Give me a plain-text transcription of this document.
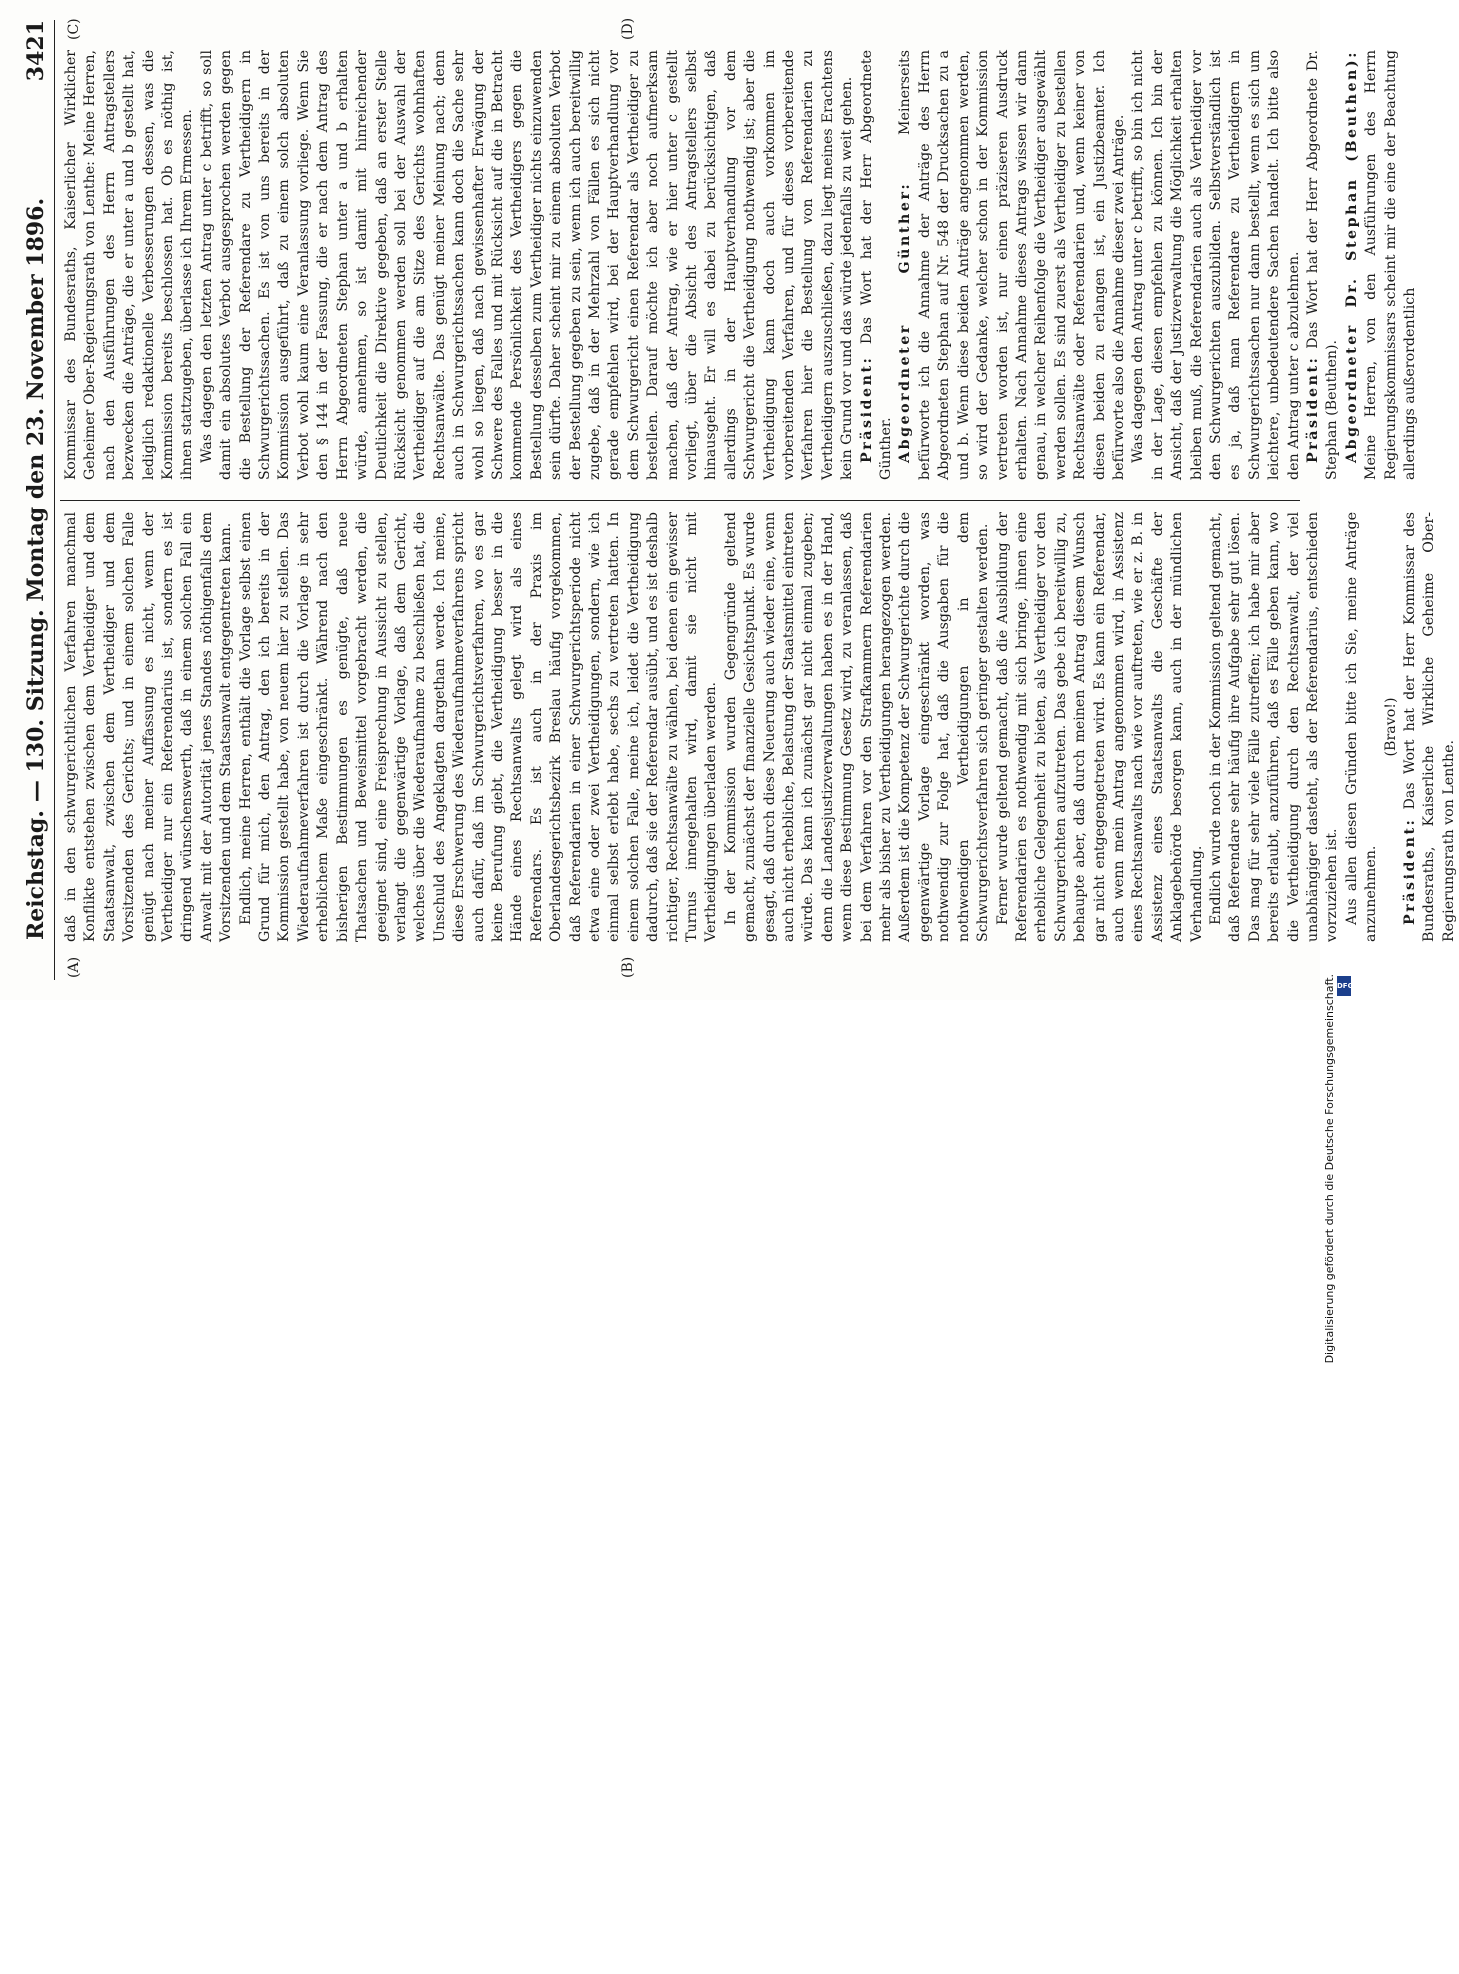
Reichstag.
— 130. Sitzung. Montag den 23. November 1896.
3421
(A)	(B)
(C)	(D)

daß in den schwurgerichtlichen Verfahren manchmal Konflikte entstehen zwischen dem Vertheidiger und dem Staatsanwalt, zwischen dem Vertheidiger und dem Vorsitzenden des Gerichts; und in einem solchen Falle genügt nach meiner Auffassung es nicht, wenn der Vertheidiger nur ein Referendarius ist, sondern es ist dringend wünschenswerth, daß in einem solchen Fall ein Anwalt mit der Autorität jenes Standes nöthigenfalls dem Vorsitzenden und dem Staatsanwalt entgegentreten kann. Endlich, meine Herren, enthält die Vorlage selbst einen Grund für mich, den Antrag, den ich bereits in der Kommission gestellt habe, von neuem hier zu stellen. Das Wiederaufnahmeverfahren ist durch die Vorlage in sehr erheblichem Maße eingeschränkt. Während nach den bisherigen Bestimmungen es genügte, daß neue Thatsachen und Beweismittel vorgebracht werden, die geeignet sind, eine Freisprechung in Aussicht zu stellen, verlangt die gegenwärtige Vorlage, daß dem Gericht, welches über die Wiederaufnahme zu beschließen hat, die Unschuld des Angeklagten dargethan werde. Ich meine, diese Erschwerung des Wiederaufnahmeverfahrens spricht auch dafür, daß im Schwurgerichtsverfahren, wo es gar keine Berufung giebt, die Vertheidigung besser in die Hände eines Rechtsanwalts gelegt wird als eines Referendars. Es ist auch in der Praxis im Oberlandesgerichtsbezirk Breslau häufig vorgekommen, daß Referendarien in einer Schwurgerichtsperiode nicht etwa eine oder zwei Vertheidigungen, sondern, wie ich einmal selbst erlebt habe, sechs zu vertreten hatten. In einem solchen Falle, meine ich, leidet die Vertheidigung dadurch, daß sie der Referendar ausübt, und es ist deshalb richtiger, Rechtsanwälte zu wählen, bei denen ein gewisser Turnus innegehalten wird, damit sie nicht mit Vertheidigungen überladen werden. In der Kommission wurden Gegengründe geltend gemacht, zunächst der finanzielle Gesichtspunkt. Es wurde gesagt, daß durch diese Neuerung auch wieder eine, wenn auch nicht erhebliche, Belastung der Staatsmittel eintreten würde. Das kann ich zunächst gar nicht einmal zugeben; denn die Landesjustizverwaltungen haben es in der Hand, wenn diese Bestimmung Gesetz wird, zu veranlassen, daß bei dem Verfahren vor den Strafkammern Referendarien mehr als bisher zu Vertheidigungen herangezogen werden. Außerdem ist die Kompetenz der Schwurgerichte durch die gegenwärtige Vorlage eingeschränkt worden, was nothwendig zur Folge hat, daß die Ausgaben für die nothwendigen Vertheidigungen in dem Schwurgerichtsverfahren sich geringer gestalten werden. Ferner wurde geltend gemacht, daß die Ausbildung der Referendarien es nothwendig mit sich bringe, ihnen eine erhebliche Gelegenheit zu bieten, als Vertheidiger vor den Schwurgerichten aufzutreten. Das gebe ich bereitwillig zu, behaupte aber, daß durch meinen Antrag diesem Wunsch gar nicht entgegengetreten wird. Es kann ein Referendar, auch wenn mein Antrag angenommen wird, in Assistenz eines Rechtsanwalts nach wie vor auftreten, wie er z. B. in Assistenz eines Staatsanwalts die Geschäfte der Anklagebehörde besorgen kann, auch in der mündlichen Verhandlung. Endlich wurde noch in der Kommission geltend gemacht, daß Referendare sehr häufig ihre Aufgabe sehr gut lösen. Das mag für sehr viele Fälle zutreffen; ich habe mir aber bereits erlaubt, anzuführen, daß es Fälle geben kann, wo die Vertheidigung durch den Rechtsanwalt, der viel unabhängiger dasteht, als der Referendarius, entschieden vorzuziehen ist. Aus allen diesen Gründen bitte ich Sie, meine Anträge anzunehmen.

(Bravo!)

Präsident: Das Wort hat der Herr Kommissar des Bundesraths, Kaiserliche Wirkliche Geheime Ober-Regierungsrath von Lenthe.

Kommissar des Bundesraths, Kaiserlicher Wirklicher Geheimer Ober-Regierungsrath von Lenthe: Meine Herren, nach den Ausführungen des Herrn Antragstellers bezwecken die Anträge, die er unter a und b gestellt hat, lediglich redaktionelle Verbesserungen dessen, was die Kommission bereits beschlossen hat. Ob es nöthig ist, ihnen stattzugeben, überlasse ich Ihrem Ermessen. Was dagegen den letzten Antrag unter c betrifft, so soll damit ein absolutes Verbot ausgesprochen werden gegen die Bestellung der Referendare zu Vertheidigern in Schwurgerichtssachen. Es ist von uns bereits in der Kommission ausgeführt, daß zu einem solch absoluten Verbot wohl kaum eine Veranlassung vorliege. Wenn Sie den § 144 in der Fassung, die er nach dem Antrag des Herrn Abgeordneten Stephan unter a und b erhalten würde, annehmen, so ist damit mit hinreichender Deutlichkeit die Direktive gegeben, daß an erster Stelle Rücksicht genommen werden soll bei der Auswahl der Vertheidiger auf die am Sitze des Gerichts wohnhaften Rechtsanwälte. Das genügt meiner Meinung nach; denn auch in Schwurgerichtssachen kann doch die Sache sehr wohl so liegen, daß nach gewissenhafter Erwägung der Schwere des Falles und mit Rücksicht auf die in Betracht kommende Persönlichkeit des Vertheidigers gegen die Bestellung desselben zum Vertheidiger nichts einzuwenden sein dürfte. Daher scheint mir zu einem absoluten Verbot der Bestellung gegeben zu sein, wenn ich auch bereitwillig zugebe, daß in der Mehrzahl von Fällen es sich nicht gerade empfehlen wird, bei der Hauptverhandlung vor dem Schwurgericht einen Referendar als Vertheidiger zu bestellen. Darauf möchte ich aber noch aufmerksam machen, daß der Antrag, wie er hier unter c gestellt vorliegt, über die Absicht des Antragstellers selbst hinausgeht. Er will es dabei zu berücksichtigen, daß allerdings in der Hauptverhandlung vor dem Schwurgericht die Vertheidigung nothwendig ist; aber die Vertheidigung kann doch auch vorkommen im vorbereitenden Verfahren, und für dieses vorbereitende Verfahren hier die Bestellung von Referendarien zu Vertheidigern auszuschließen, dazu liegt meines Erachtens kein Grund vor und das würde jedenfalls zu weit gehen. Präsident: Das Wort hat der Herr Abgeordnete Günther. Abgeordneter Günther: Meinerseits befürworte ich die Annahme der Anträge des Herrn Abgeordneten Stephan auf Nr. 548 der Drucksachen zu a und b. Wenn diese beiden Anträge angenommen werden, so wird der Gedanke, welcher schon in der Kommission vertreten worden ist, nur einen präziseren Ausdruck erhalten. Nach Annahme dieses Antrags wissen wir dann genau, in welcher Reihenfolge die Vertheidiger ausgewählt werden sollen. Es sind zuerst als Vertheidiger zu bestellen Rechtsanwälte oder Referendarien und, wenn keiner von diesen beiden zu erlangen ist, ein Justizbeamter. Ich befürworte also die Annahme dieser zwei Anträge. Was dagegen den Antrag unter c betrifft, so bin ich nicht in der Lage, diesen empfehlen zu können. Ich bin der Ansicht, daß der Justizverwaltung die Möglichkeit erhalten bleiben muß, die Referendarien auch als Vertheidiger vor den Schwurgerichten auszubilden. Selbstverständlich ist es ja, daß man Referendare zu Vertheidigern in Schwurgerichtssachen nur dann bestellt, wenn es sich um leichtere, unbedeutendere Sachen handelt. Ich bitte also den Antrag unter c abzulehnen. Präsident: Das Wort hat der Herr Abgeordnete Dr. Stephan (Beuthen). Abgeordneter Dr. Stephan (Beuthen): Meine Herren, von den Ausführungen des Herrn Regierungskommissars scheint mir die eine der Beachtung allerdings außerordentlich

Digitalisierung gefördert durch die Deutsche Forschungsgemeinschaft. DFG
